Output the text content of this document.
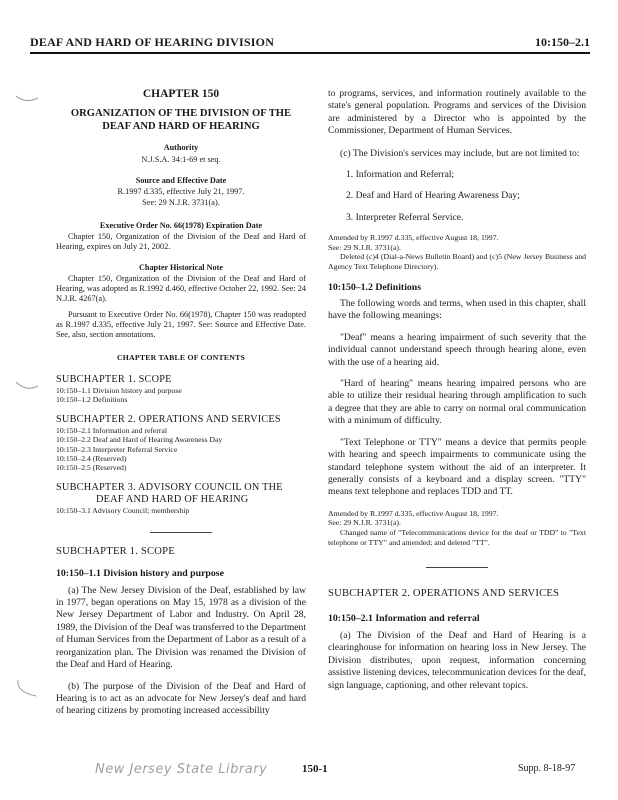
DEAF AND HARD OF HEARING DIVISION	10:150–2.1
CHAPTER 150
ORGANIZATION OF THE DIVISION OF THE DEAF AND HARD OF HEARING
Authority
N.J.S.A. 34:1-69 et seq.
Source and Effective Date
R.1997 d.335, effective July 21, 1997.
See: 29 N.J.R. 3731(a).
Executive Order No. 66(1978) Expiration Date
Chapter 150, Organization of the Division of the Deaf and Hard of Hearing, expires on July 21, 2002.
Chapter Historical Note
Chapter 150, Organization of the Division of the Deaf and Hard of Hearing, was adopted as R.1992 d.460, effective October 22, 1992. See: 24 N.J.R. 4267(a).
Pursuant to Executive Order No. 66(1978), Chapter 150 was readopted as R.1997 d.335, effective July 21, 1997. See: Source and Effective Date. See, also, section annotations.
CHAPTER TABLE OF CONTENTS
SUBCHAPTER 1. SCOPE
10:150–1.1 Division history and purpose
10:150–1.2 Definitions
SUBCHAPTER 2. OPERATIONS AND SERVICES
10:150–2.1 Information and referral
10:150–2.2 Deaf and Hard of Hearing Awareness Day
10:150–2.3 Interpreter Referral Service
10:150–2.4 (Reserved)
10:150–2.5 (Reserved)
SUBCHAPTER 3. ADVISORY COUNCIL ON THE DEAF AND HARD OF HEARING
10:150–3.1 Advisory Council; membership
SUBCHAPTER 1. SCOPE
10:150–1.1 Division history and purpose
(a) The New Jersey Division of the Deaf, established by law in 1977, began operations on May 15, 1978 as a division of the New Jersey Department of Labor and Industry. On April 28, 1989, the Division of the Deaf was transferred to the Department of Human Services from the Department of Labor as a result of a reorganization plan. The Division was renamed the Division of the Deaf and Hard of Hearing.
(b) The purpose of the Division of the Deaf and Hard of Hearing is to act as an advocate for New Jersey's deaf and hard of hearing citizens by promoting increased accessibility
to programs, services, and information routinely available to the state's general population. Programs and services of the Division are administered by a Director who is appointed by the Commissioner, Department of Human Services.
(c) The Division's services may include, but are not limited to:
1. Information and Referral;
2. Deaf and Hard of Hearing Awareness Day;
3. Interpreter Referral Service.
Amended by R.1997 d.335, effective August 18, 1997.
See: 29 N.J.R. 3731(a).
Deleted (c)4 (Dial-a-News Bulletin Board) and (c)5 (New Jersey Business and Agency Text Telephone Directory).
10:150–1.2 Definitions
The following words and terms, when used in this chapter, shall have the following meanings:
"Deaf" means a hearing impairment of such severity that the individual cannot understand speech through hearing alone, even with the use of a hearing aid.
"Hard of hearing" means hearing impaired persons who are able to utilize their residual hearing through amplification to such a degree that they are able to carry on normal oral communication with a minimum of difficulty.
"Text Telephone or TTY" means a device that permits people with hearing and speech impairments to communicate using the standard telephone system without the aid of an interpreter. It generally consists of a keyboard and a display screen. "TTY" means text telephone and replaces TDD and TT.
Amended by R.1997 d.335, effective August 18, 1997.
See: 29 N.J.R. 3731(a).
Changed name of "Telecommunications device for the deaf or TDD" to "Text telephone or TTY" and amended; and deleted "TT".
SUBCHAPTER 2. OPERATIONS AND SERVICES
10:150–2.1 Information and referral
(a) The Division of the Deaf and Hard of Hearing is a clearinghouse for information on hearing loss in New Jersey. The Division distributes, upon request, information concerning assistive listening devices, telecommunication devices for the deaf, sign language, captioning, and other relevant topics.
New Jersey State Library	150-1	Supp. 8-18-97
